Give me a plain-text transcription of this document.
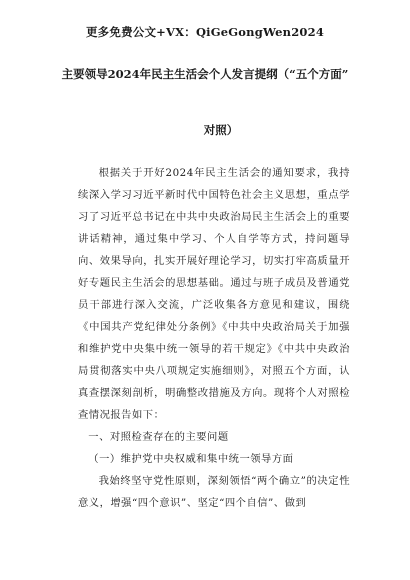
更多免费公文+VX：QiGeGongWen2024
主要领导2024年民主生活会个人发言提纲（“五个方面”
对照）

根据关于开好2024年民主生活会的通知要求，我持续深入学习习近平新时代中国特色社会主义思想，重点学习了习近平总书记在中共中央政治局民主生活会上的重要讲话精神，通过集中学习、个人自学等方式，持问题导向、效果导向，扎实开展好理论学习，切实打牢高质量开好专题民主生活会的思想基础。通过与班子成员及普通党员干部进行深入交流，广泛收集各方意见和建议，围绕《中国共产党纪律处分条例》《中共中央政治局关于加强和维护党中央集中统一领导的若干规定》《中共中央政治局贯彻落实中央八项规定实施细则》，对照五个方面，认真查摆深刻剖析，明确整改措施及方向。现将个人对照检查情况报告如下：

一、对照检查存在的主要问题

（一）维护党中央权威和集中统一领导方面

我始终坚守党性原则，深刻领悟“两个确立”的决定性意义，增强“四个意识”、坚定“四个自信”、做到
